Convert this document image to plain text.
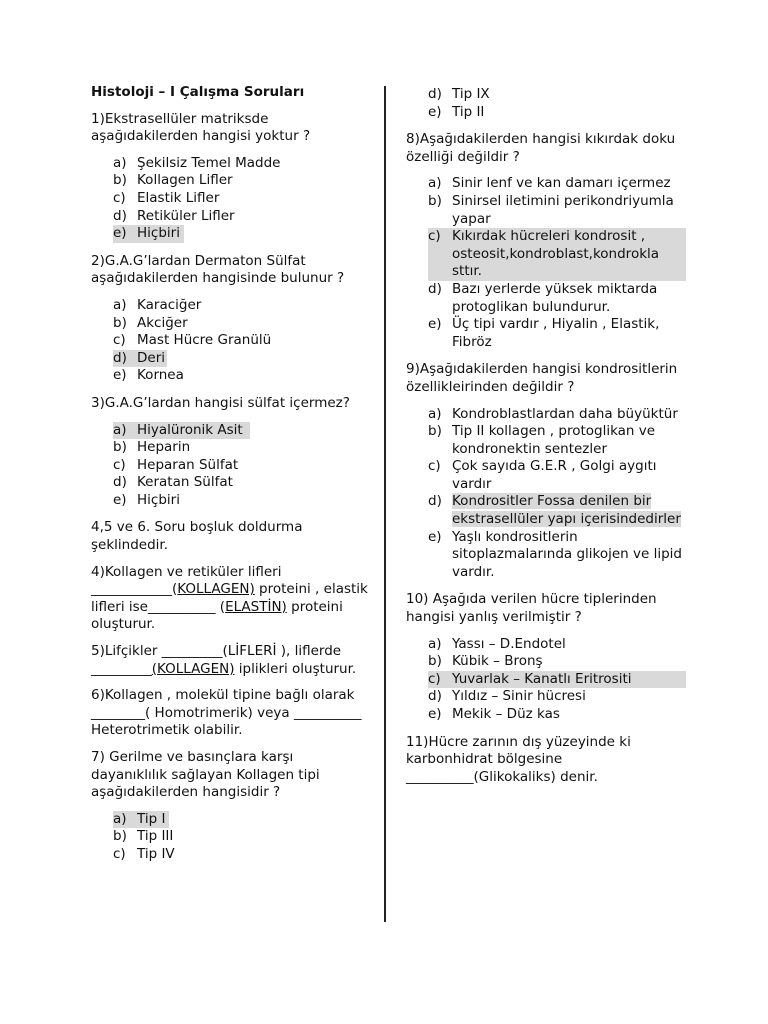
Histoloji – I Çalışma Soruları
1)Ekstrasellüler matriksde aşağıdakilerden hangisi yoktur ?
a) Şekilsiz Temel Madde
b) Kollagen Lifler
c) Elastik Lifler
d) Retiküler Lifler
e) Hiçbiri
2)G.A.G’lardan Dermaton Sülfat aşağıdakilerden hangisinde bulunur ?
a) Karaciğer
b) Akciğer
c) Mast Hücre Granülü
d) Deri
e) Kornea
3)G.A.G’lardan hangisi sülfat içermez?
a) Hiyalüronik Asit
b) Heparin
c) Heparan Sülfat
d) Keratan Sülfat
e) Hiçbiri
4,5 ve 6. Soru boşluk doldurma şeklindedir.
4)Kollagen ve retiküler lifleri ____________(KOLLAGEN) proteini , elastik lifleri ise__________ (ELASTİN) proteini oluşturur.
5)Lifçikler _________(LİFLERİ ), liflerde _________(KOLLAGEN) iplikleri oluşturur.
6)Kollagen , molekül tipine bağlı olarak ________( Homotrimerik) veya __________ Heterotrimetik olabilir.
7) Gerilme ve basınçlara karşı dayanıklılık sağlayan Kollagen tipi aşağıdakilerden hangisidir ?
a) Tip I
b) Tip III
c) Tip IV
d) Tip IX
e) Tip II
8)Aşağıdakilerden hangisi kıkırdak doku özelliği değildir ?
a) Sinir lenf ve kan damarı içermez
b) Sinirsel iletimini perikondriyumla yapar
c) Kıkırdak hücreleri kondrosit , osteosit,kondroblast,kondrokla sttır.
d) Bazı yerlerde yüksek miktarda protoglikan bulundurur.
e) Üç tipi vardır , Hiyalin , Elastik, Fibröz
9)Aşağıdakilerden hangisi kondrositlerin özellikleirinden değildir ?
a) Kondroblastlardan daha büyüktür
b) Tip II kollagen , protoglikan ve kondronektin sentezler
c) Çok sayıda G.E.R , Golgi aygıtı vardır
d) Kondrositler Fossa denilen bir ekstrasellüler yapı içerisindedirler
e) Yaşlı kondrositlerin sitoplazmalarında glikojen ve lipid vardır.
10) Aşağıda verilen hücre tiplerinden hangisi yanlış verilmiştir ?
a) Yassı – D.Endotel
b) Kübik – Bronş
c) Yuvarlak – Kanatlı Eritrositi
d) Yıldız – Sinir hücresi
e) Mekik – Düz kas
11)Hücre zarının dış yüzeyinde ki karbonhidrat bölgesine __________(Glikokaliks) denir.
